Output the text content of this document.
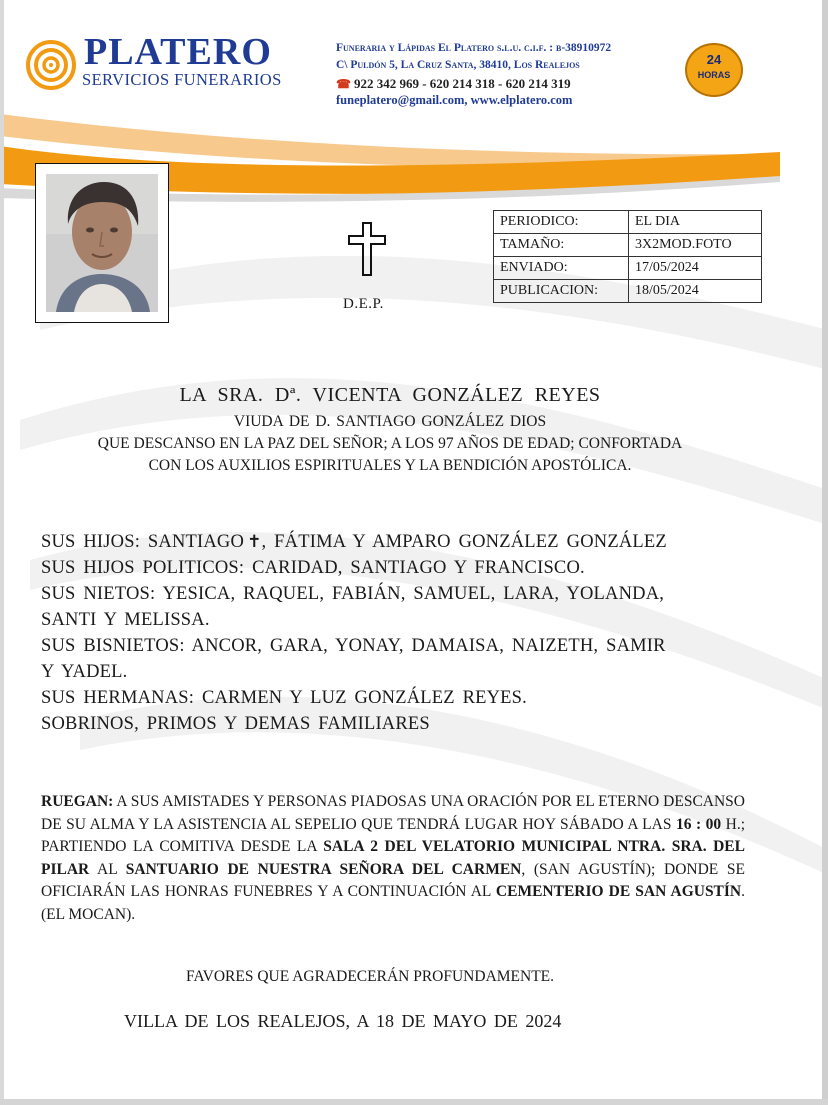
PLATERO
SERVICIOS FUNERARIOS
Funeraria y Lápidas El Platero s.l.u. c.i.f. : b-38910972
C\ Puldón 5, La Cruz Santa, 38410, Los Realejos
☎ 922 342 969 - 620 214 318 - 620 214 319
funeplatero@gmail.com, www.elplatero.com
24
HORAS
D.E.P.
PERIODICO:	EL DIA
TAMAÑO:	3X2MOD.FOTO
ENVIADO:	17/05/2024
PUBLICACION:	18/05/2024
LA SRA. Dª. VICENTA GONZÁLEZ REYES
VIUDA DE D. SANTIAGO GONZÁLEZ DIOS
QUE DESCANSO EN LA PAZ DEL SEÑOR; A LOS 97 AÑOS DE EDAD; CONFORTADA
CON LOS AUXILIOS ESPIRITUALES Y LA BENDICIÓN APOSTÓLICA.
SUS HIJOS: SANTIAGO ✝, FÁTIMA Y AMPARO GONZÁLEZ GONZÁLEZ
SUS HIJOS POLITICOS: CARIDAD, SANTIAGO Y FRANCISCO.
SUS NIETOS: YESICA, RAQUEL, FABIÁN, SAMUEL, LARA, YOLANDA,
SANTI Y MELISSA.
SUS BISNIETOS: ANCOR, GARA, YONAY, DAMAISA, NAIZETH, SAMIR
Y YADEL.
SUS HERMANAS: CARMEN Y LUZ GONZÁLEZ REYES.
SOBRINOS, PRIMOS Y DEMAS FAMILIARES
RUEGAN: A SUS AMISTADES Y PERSONAS PIADOSAS UNA ORACIÓN POR EL ETERNO DESCANSO DE SU ALMA Y LA ASISTENCIA AL SEPELIO QUE TENDRÁ LUGAR HOY SÁBADO A LAS 16 : 00 H.; PARTIENDO LA COMITIVA DESDE LA SALA 2 DEL VELATORIO MUNICIPAL NTRA. SRA. DEL PILAR AL SANTUARIO DE NUESTRA SEÑORA DEL CARMEN, (SAN AGUSTÍN); DONDE SE OFICIARÁN LAS HONRAS FUNEBRES Y A CONTINUACIÓN AL CEMENTERIO DE SAN AGUSTÍN. (EL MOCAN).
FAVORES QUE AGRADECERÁN PROFUNDAMENTE.
VILLA DE LOS REALEJOS, A 18 DE MAYO DE 2024
